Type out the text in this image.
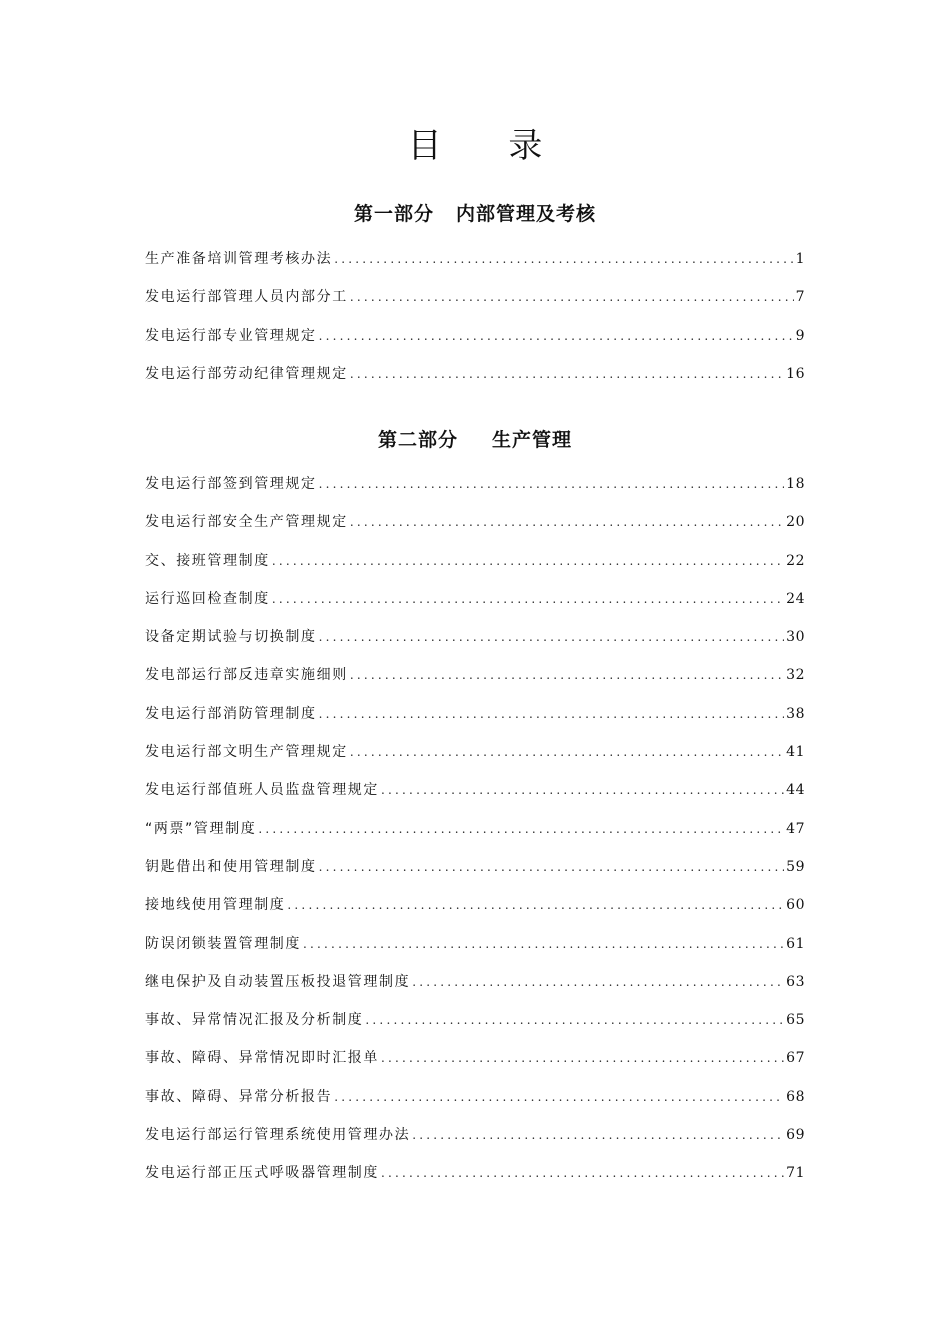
目 录
第一部分 内部管理及考核
生产准备培训管理考核办法 .....	1
发电运行部管理人员内部分工 .....	7
发电运行部专业管理规定 .....	9
发电运行部劳动纪律管理规定 .....	16
第二部分 生产管理
发电运行部签到管理规定 .....	18
发电运行部安全生产管理规定 .....	20
交、接班管理制度 .....	22
运行巡回检查制度 .....	24
设备定期试验与切换制度 .....	30
发电部运行部反违章实施细则 .....	32
发电运行部消防管理制度 .....	38
发电运行部文明生产管理规定 .....	41
发电运行部值班人员监盘管理规定 .....	44
“两票”管理制度 .....	47
钥匙借出和使用管理制度 .....	59
接地线使用管理制度 .....	60
防误闭锁装置管理制度 .....	61
继电保护及自动装置压板投退管理制度 .....	63
事故、异常情况汇报及分析制度 .....	65
事故、障碍、异常情况即时汇报单 .....	67
事故、障碍、异常分析报告 .....	68
发电运行部运行管理系统使用管理办法 .....	69
发电运行部正压式呼吸器管理制度 .....	71
